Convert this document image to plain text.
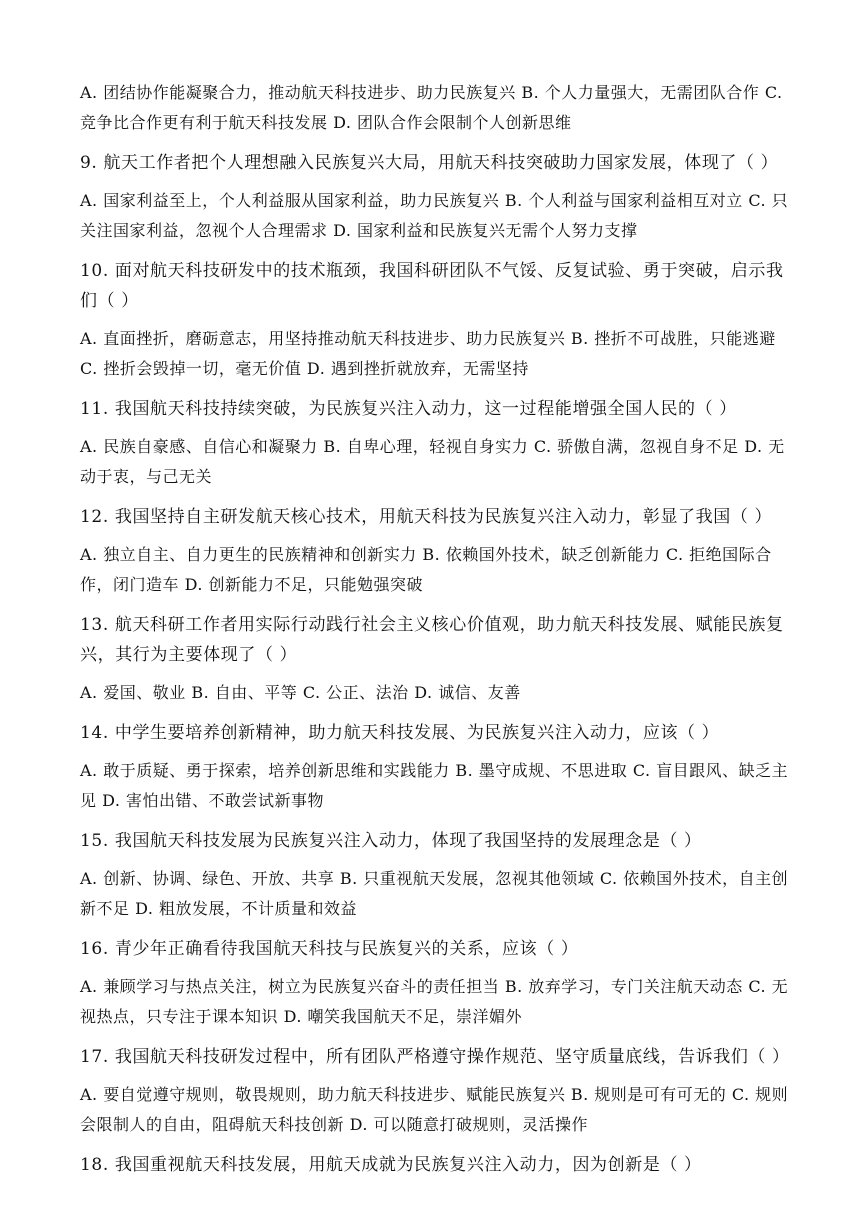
A. 团结协作能凝聚合力，推动航天科技进步、助力民族复兴 B. 个人力量强大，无需团队合作 C. 竞争比合作更有利于航天科技发展 D. 团队合作会限制个人创新思维

9. 航天工作者把个人理想融入民族复兴大局，用航天科技突破助力国家发展，体现了（ ）

A. 国家利益至上，个人利益服从国家利益，助力民族复兴 B. 个人利益与国家利益相互对立 C. 只关注国家利益，忽视个人合理需求 D. 国家利益和民族复兴无需个人努力支撑

10. 面对航天科技研发中的技术瓶颈，我国科研团队不气馁、反复试验、勇于突破，启示我们（ ）

A. 直面挫折，磨砺意志，用坚持推动航天科技进步、助力民族复兴 B. 挫折不可战胜，只能逃避 C. 挫折会毁掉一切，毫无价值 D. 遇到挫折就放弃，无需坚持

11. 我国航天科技持续突破，为民族复兴注入动力，这一过程能增强全国人民的（ ）

A. 民族自豪感、自信心和凝聚力 B. 自卑心理，轻视自身实力 C. 骄傲自满，忽视自身不足 D. 无动于衷，与己无关

12. 我国坚持自主研发航天核心技术，用航天科技为民族复兴注入动力，彰显了我国（ ）

A. 独立自主、自力更生的民族精神和创新实力 B. 依赖国外技术，缺乏创新能力 C. 拒绝国际合作，闭门造车 D. 创新能力不足，只能勉强突破

13. 航天科研工作者用实际行动践行社会主义核心价值观，助力航天科技发展、赋能民族复兴，其行为主要体现了（ ）

A. 爱国、敬业 B. 自由、平等 C. 公正、法治 D. 诚信、友善

14. 中学生要培养创新精神，助力航天科技发展、为民族复兴注入动力，应该（ ）

A. 敢于质疑、勇于探索，培养创新思维和实践能力 B. 墨守成规、不思进取 C. 盲目跟风、缺乏主见 D. 害怕出错、不敢尝试新事物

15. 我国航天科技发展为民族复兴注入动力，体现了我国坚持的发展理念是（ ）

A. 创新、协调、绿色、开放、共享 B. 只重视航天发展，忽视其他领域 C. 依赖国外技术，自主创新不足 D. 粗放发展，不计质量和效益

16. 青少年正确看待我国航天科技与民族复兴的关系，应该（ ）

A. 兼顾学习与热点关注，树立为民族复兴奋斗的责任担当 B. 放弃学习，专门关注航天动态 C. 无视热点，只专注于课本知识 D. 嘲笑我国航天不足，崇洋媚外

17. 我国航天科技研发过程中，所有团队严格遵守操作规范、坚守质量底线，告诉我们（ ）

A. 要自觉遵守规则，敬畏规则，助力航天科技进步、赋能民族复兴 B. 规则是可有可无的 C. 规则会限制人的自由，阻碍航天科技创新 D. 可以随意打破规则，灵活操作

18. 我国重视航天科技发展，用航天成就为民族复兴注入动力，因为创新是（ ）
